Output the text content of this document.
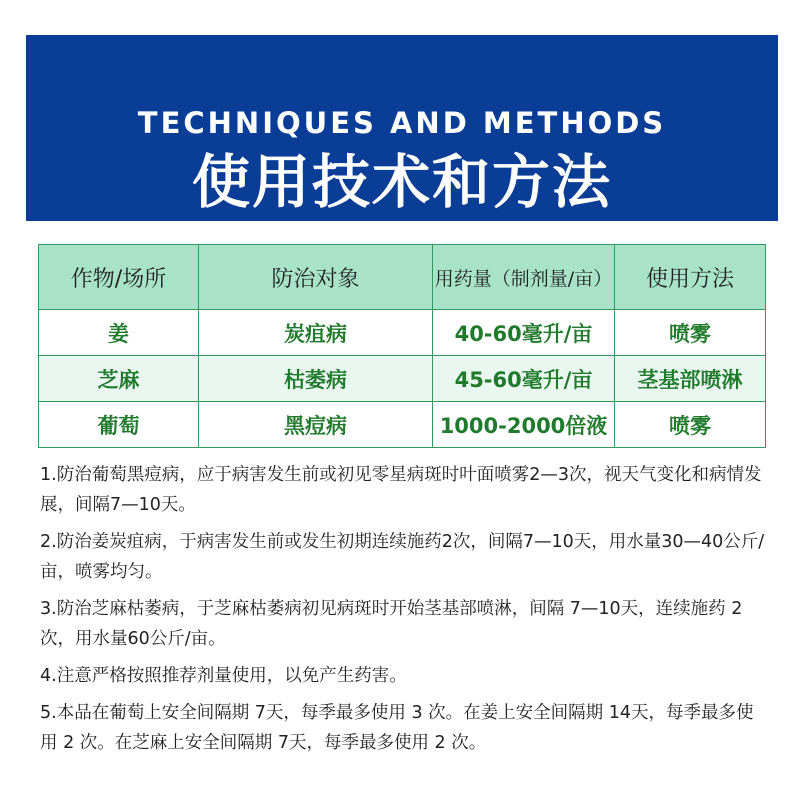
TECHNIQUES AND METHODS
使用技术和方法
作物/场所	防治对象	用药量（制剂量/亩）	使用方法
姜	炭疽病	40-60毫升/亩	喷雾
芝麻	枯萎病	45-60毫升/亩	茎基部喷淋
葡萄	黑痘病	1000-2000倍液	喷雾

1.防治葡萄黑痘病，应于病害发生前或初见零星病斑时叶面喷雾2—3次，视天气变化和病情发展，间隔7—10天。

2.防治姜炭疽病，于病害发生前或发生初期连续施药2次，间隔7—10天，用水量30—40公斤/亩，喷雾均匀。

3.防治芝麻枯萎病，于芝麻枯萎病初见病斑时开始茎基部喷淋，间隔 7—10天，连续施药 2 次，用水量60公斤/亩。

4.注意严格按照推荐剂量使用，以免产生药害。

5.本品在葡萄上安全间隔期 7天，每季最多使用 3 次。在姜上安全间隔期 14天，每季最多使用 2 次。在芝麻上安全间隔期 7天，每季最多使用 2 次。
